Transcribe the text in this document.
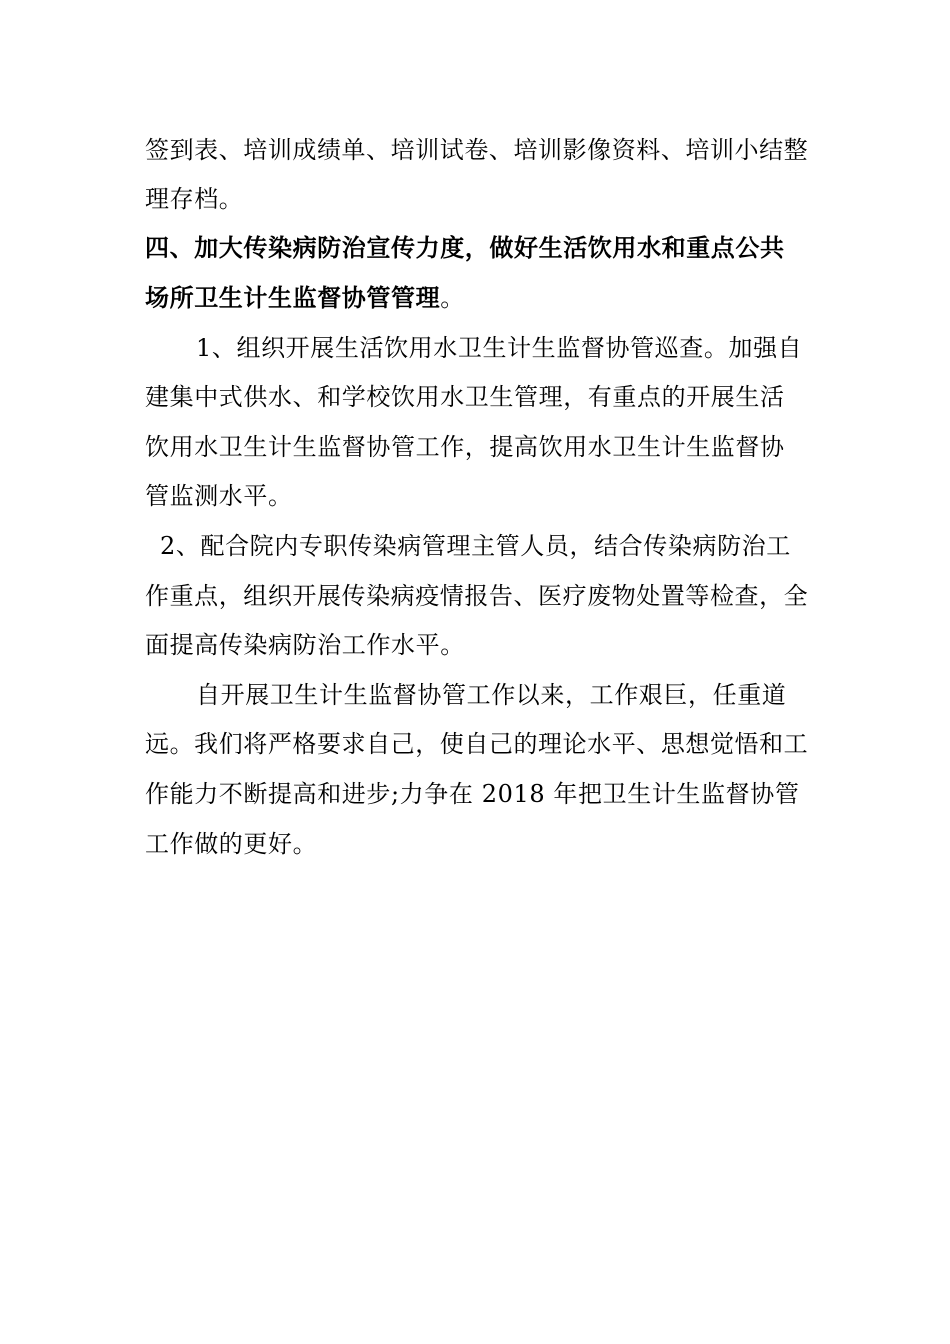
签到表、培训成绩单、培训试卷、培训影像资料、培训小结整
理存档。
四、加大传染病防治宣传力度，做好生活饮用水和重点公共
场所卫生计生监督协管管理。
1、组织开展生活饮用水卫生计生监督协管巡查。加强自
建集中式供水、和学校饮用水卫生管理，有重点的开展生活
饮用水卫生计生监督协管工作，提高饮用水卫生计生监督协
管监测水平。
2、配合院内专职传染病管理主管人员，结合传染病防治工
作重点，组织开展传染病疫情报告、医疗废物处置等检查，全
面提高传染病防治工作水平。
自开展卫生计生监督协管工作以来，工作艰巨，任重道
远。我们将严格要求自己，使自己的理论水平、思想觉悟和工
作能力不断提高和进步;力争在 2018 年把卫生计生监督协管
工作做的更好。
